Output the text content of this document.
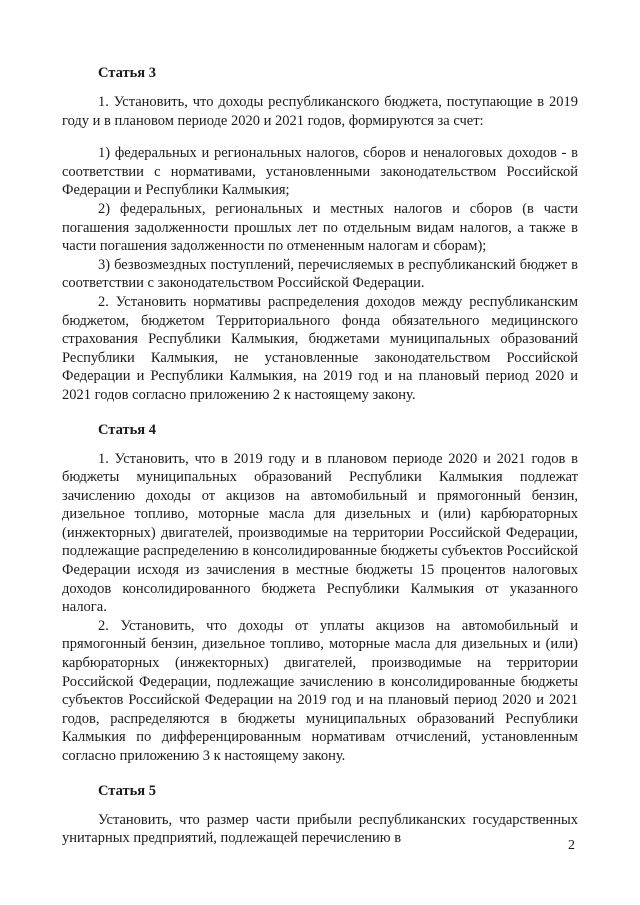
Статья 3

1. Установить, что доходы республиканского бюджета, поступающие в 2019 году и в плановом периоде 2020 и 2021 годов, формируются за счет:

1) федеральных и региональных налогов, сборов и неналоговых доходов - в соответствии с нормативами, установленными законодательством Российской Федерации и Республики Калмыкия;

2) федеральных, региональных и местных налогов и сборов (в части погашения задолженности прошлых лет по отдельным видам налогов, а также в части погашения задолженности по отмененным налогам и сборам);

3) безвозмездных поступлений, перечисляемых в республиканский бюджет в соответствии с законодательством Российской Федерации.

2. Установить нормативы распределения доходов между республиканским бюджетом, бюджетом Территориального фонда обязательного медицинского страхования Республики Калмыкия, бюджетами муниципальных образований Республики Калмыкия, не установленные законодательством Российской Федерации и Республики Калмыкия, на 2019 год и на плановый период 2020 и 2021 годов согласно приложению 2 к настоящему закону.

Статья 4

1. Установить, что в 2019 году и в плановом периоде 2020 и 2021 годов в бюджеты муниципальных образований Республики Калмыкия подлежат зачислению доходы от акцизов на автомобильный и прямогонный бензин, дизельное топливо, моторные масла для дизельных и (или) карбюраторных (инжекторных) двигателей, производимые на территории Российской Федерации, подлежащие распределению в консолидированные бюджеты субъектов Российской Федерации исходя из зачисления в местные бюджеты 15 процентов налоговых доходов консолидированного бюджета Республики Калмыкия от указанного налога.

2. Установить, что доходы от уплаты акцизов на автомобильный и прямогонный бензин, дизельное топливо, моторные масла для дизельных и (или) карбюраторных (инжекторных) двигателей, производимые на территории Российской Федерации, подлежащие зачислению в консолидированные бюджеты субъектов Российской Федерации на 2019 год и на плановый период 2020 и 2021 годов, распределяются в бюджеты муниципальных образований Республики Калмыкия по дифференцированным нормативам отчислений, установленным согласно приложению 3 к настоящему закону.

Статья 5

Установить, что размер части прибыли республиканских государственных унитарных предприятий, подлежащей перечислению в	2
